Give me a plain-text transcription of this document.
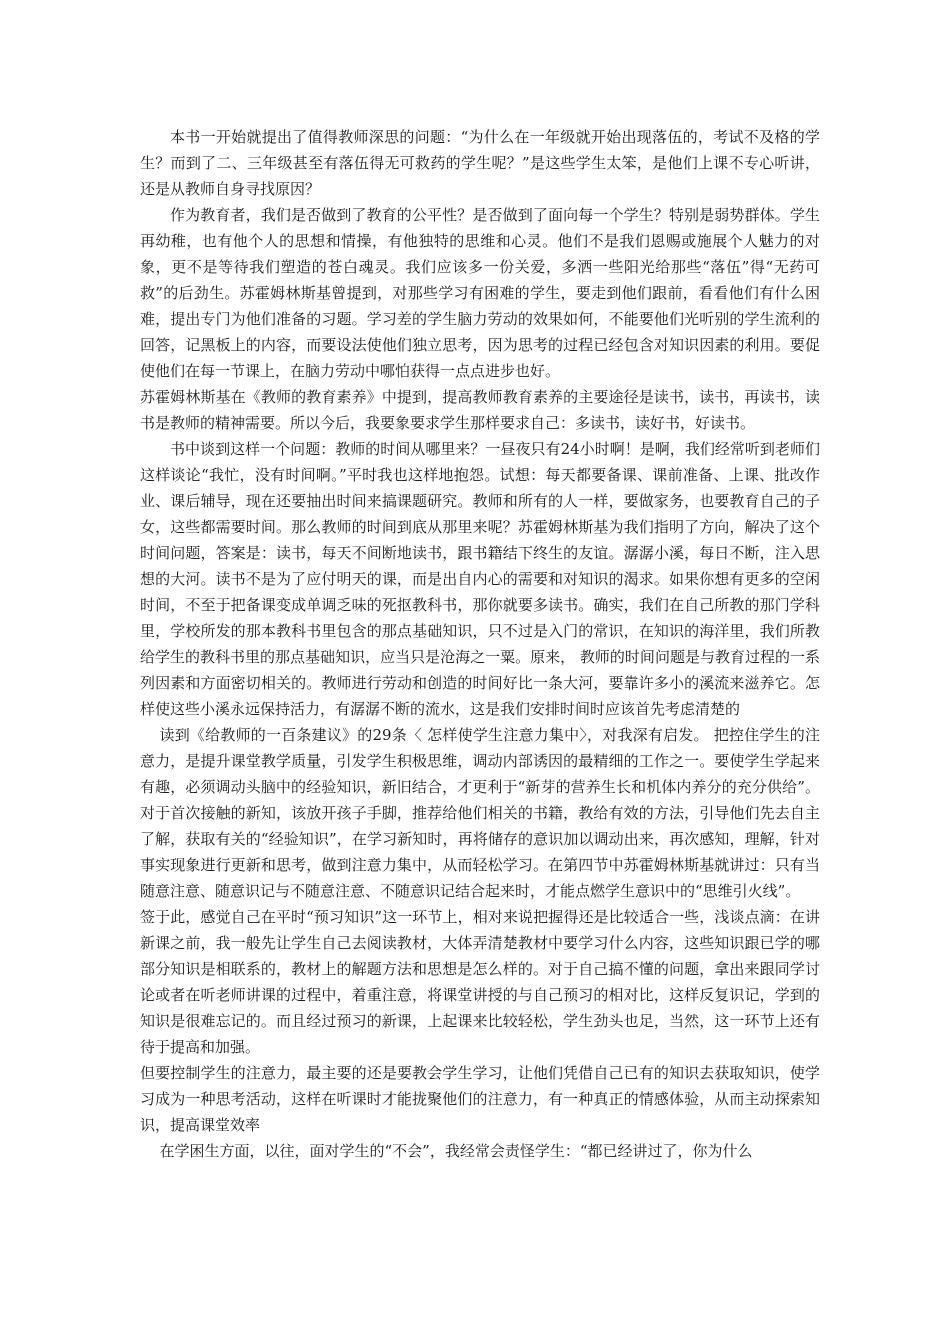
本书一开始就提出了值得教师深思的问题：“为什么在一年级就开始出现落伍的，考试不及格的学生？而到了二、三年级甚至有落伍得无可救药的学生呢？”是这些学生太笨，是他们上课不专心听讲，还是从教师自身寻找原因？

作为教育者，我们是否做到了教育的公平性？是否做到了面向每一个学生？特别是弱势群体。学生再幼稚，也有他个人的思想和情操，有他独特的思维和心灵。他们不是我们恩赐或施展个人魅力的对象，更不是等待我们塑造的苍白魂灵。我们应该多一份关爱，多洒一些阳光给那些“落伍”得“无药可救”的后劲生。苏霍姆林斯基曾提到，对那些学习有困难的学生，要走到他们跟前，看看他们有什么困难，提出专门为他们准备的习题。学习差的学生脑力劳动的效果如何，不能要他们光听别的学生流利的回答，记黑板上的内容，而要设法使他们独立思考，因为思考的过程已经包含对知识因素的利用。要促使他们在每一节课上，在脑力劳动中哪怕获得一点点进步也好。

苏霍姆林斯基在《教师的教育素养》中提到，提高教师教育素养的主要途径是读书，读书，再读书，读书是教师的精神需要。所以今后，我要象要求学生那样要求自己：多读书，读好书，好读书。

书中谈到这样一个问题：教师的时间从哪里来？一昼夜只有24小时啊！是啊，我们经常听到老师们这样谈论“我忙，没有时间啊。”平时我也这样地抱怨。试想：每天都要备课、课前准备、上课、批改作业、课后辅导，现在还要抽出时间来搞课题研究。教师和所有的人一样，要做家务，也要教育自己的子女，这些都需要时间。那么教师的时间到底从那里来呢？苏霍姆林斯基为我们指明了方向，解决了这个时间问题，答案是：读书，每天不间断地读书，跟书籍结下终生的友谊。潺潺小溪，每日不断，注入思想的大河。读书不是为了应付明天的课，而是出自内心的需要和对知识的渴求。如果你想有更多的空闲时间，不至于把备课变成单调乏味的死抠教科书，那你就要多读书。确实，我们在自己所教的那门学科里，学校所发的那本教科书里包含的那点基础知识，只不过是入门的常识，在知识的海洋里，我们所教给学生的教科书里的那点基础知识，应当只是沧海之一粟。原来， 教师的时间问题是与教育过程的一系列因素和方面密切相关的。教师进行劳动和创造的时间好比一条大河，要靠许多小的溪流来滋养它。怎样使这些小溪永远保持活力，有潺潺不断的流水，这是我们安排时间时应该首先考虑清楚的

读到《给教师的一百条建议》的29条〈 怎样使学生注意力集中〉，对我深有启发。 把控住学生的注意力，是提升课堂教学质量，引发学生积极思维，调动内部诱因的最精细的工作之一。要使学生学起来有趣，必须调动头脑中的经验知识，新旧结合，才更利于“新芽的营养生长和机体内养分的充分供给”。对于首次接触的新知，该放开孩子手脚，推荐给他们相关的书籍，教给有效的方法，引导他们先去自主了解，获取有关的“经验知识”，在学习新知时，再将储存的意识加以调动出来，再次感知，理解，针对事实现象进行更新和思考，做到注意力集中，从而轻松学习。在第四节中苏霍姆林斯基就讲过：只有当随意注意、随意识记与不随意注意、不随意识记结合起来时，才能点燃学生意识中的“思维引火线”。

签于此，感觉自己在平时“预习知识”这一环节上，相对来说把握得还是比较适合一些，浅谈点滴：在讲新课之前，我一般先让学生自己去阅读教材，大体弄清楚教材中要学习什么内容，这些知识跟已学的哪部分知识是相联系的，教材上的解题方法和思想是怎么样的。对于自己搞不懂的问题，拿出来跟同学讨论或者在听老师讲课的过程中，着重注意，将课堂讲授的与自己预习的相对比，这样反复识记，学到的知识是很难忘记的。而且经过预习的新课，上起课来比较轻松，学生劲头也足，当然，这一环节上还有待于提高和加强。

但要控制学生的注意力，最主要的还是要教会学生学习，让他们凭借自己已有的知识去获取知识，使学习成为一种思考活动，这样在听课时才能拢聚他们的注意力，有一种真正的情感体验，从而主动探索知识，提高课堂效率

在学困生方面，以往，面对学生的“不会”，我经常会责怪学生：“都已经讲过了，你为什么
